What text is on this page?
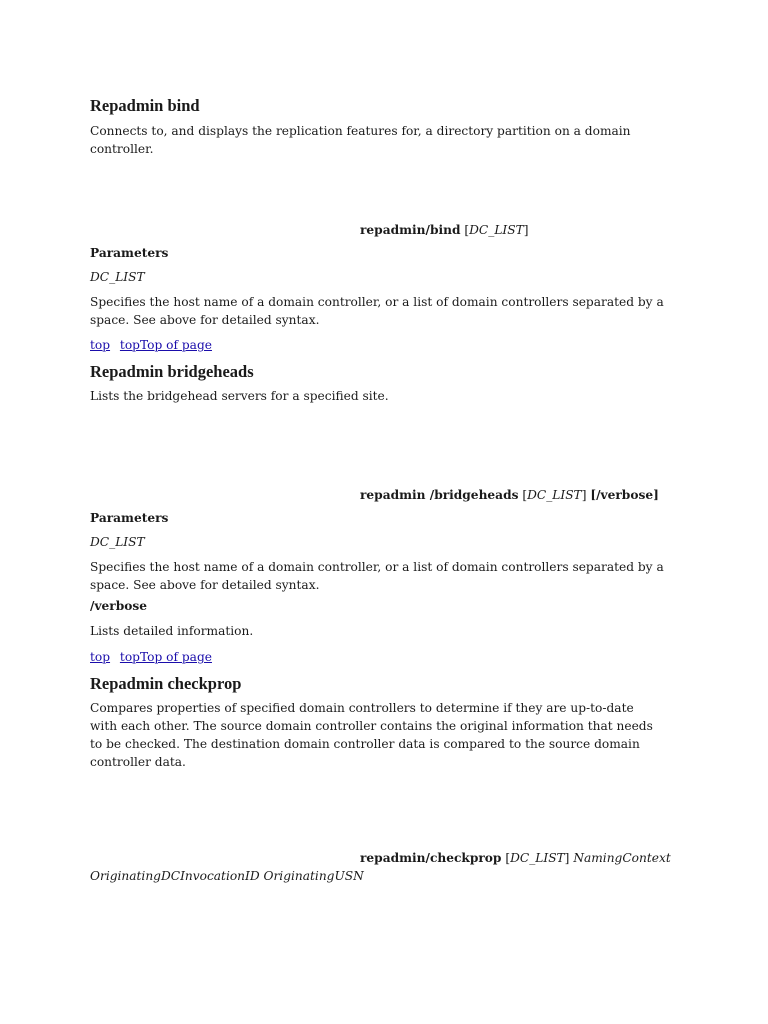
Repadmin bind

Connects to, and displays the replication features for, a directory partition on a domain controller.

repadmin/bind [DC_LIST]

Parameters

DC_LIST

Specifies the host name of a domain controller, or a list of domain controllers separated by a space. See above for detailed syntax.

top topTop of page

Repadmin bridgeheads

Lists the bridgehead servers for a specified site.

repadmin /bridgeheads [DC_LIST] [/verbose]

Parameters

DC_LIST

Specifies the host name of a domain controller, or a list of domain controllers separated by a space. See above for detailed syntax.

/verbose

Lists detailed information.

top topTop of page

Repadmin checkprop

Compares properties of specified domain controllers to determine if they are up-to-date with each other. The source domain controller contains the original information that needs to be checked. The destination domain controller data is compared to the source domain controller data.

repadmin/checkprop [DC_LIST] NamingContext

OriginatingDCInvocationID OriginatingUSN
